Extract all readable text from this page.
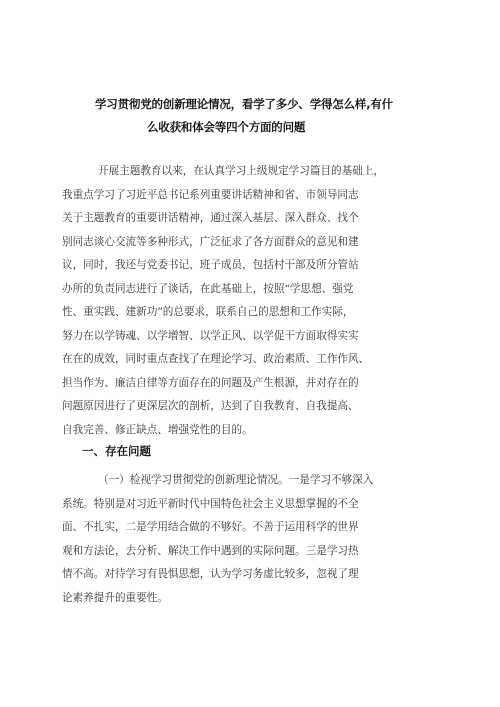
学习贯彻党的创新理论情况，看学了多少、学得怎么样,有什
么收获和体会等四个方面的问题
开展主题教育以来，在认真学习上级规定学习篇目的基础上，
我重点学习了习近平总书记系列重要讲话精神和省、市领导同志
关于主题教育的重要讲话精神，通过深入基层、深入群众、找个
别同志谈心交流等多种形式，广泛征求了各方面群众的意见和建
议，同时，我还与党委书记、班子成员，包括村干部及所分管站
办所的负责同志进行了谈话，在此基础上，按照“学思想、强党
性、重实践、建新功”的总要求，联系自己的思想和工作实际，
努力在以学铸魂、以学增智、以学正风、以学促干方面取得实实
在在的成效，同时重点查找了在理论学习、政治素质、工作作风、
担当作为、廉洁自律等方面存在的问题及产生根源，并对存在的
问题原因进行了更深层次的剖析，达到了自我教育、自我提高、
自我完善、修正缺点、增强党性的目的。
一、存在问题
（一）检视学习贯彻党的创新理论情况。一是学习不够深入
系统。特别是对习近平新时代中国特色社会主义思想掌握的不全
面、不扎实，二是学用结合做的不够好。不善于运用科学的世界
观和方法论，去分析、解决工作中遇到的实际问题。三是学习热
情不高。对待学习有畏惧思想，认为学习务虚比较多，忽视了理
论素养提升的重要性。
